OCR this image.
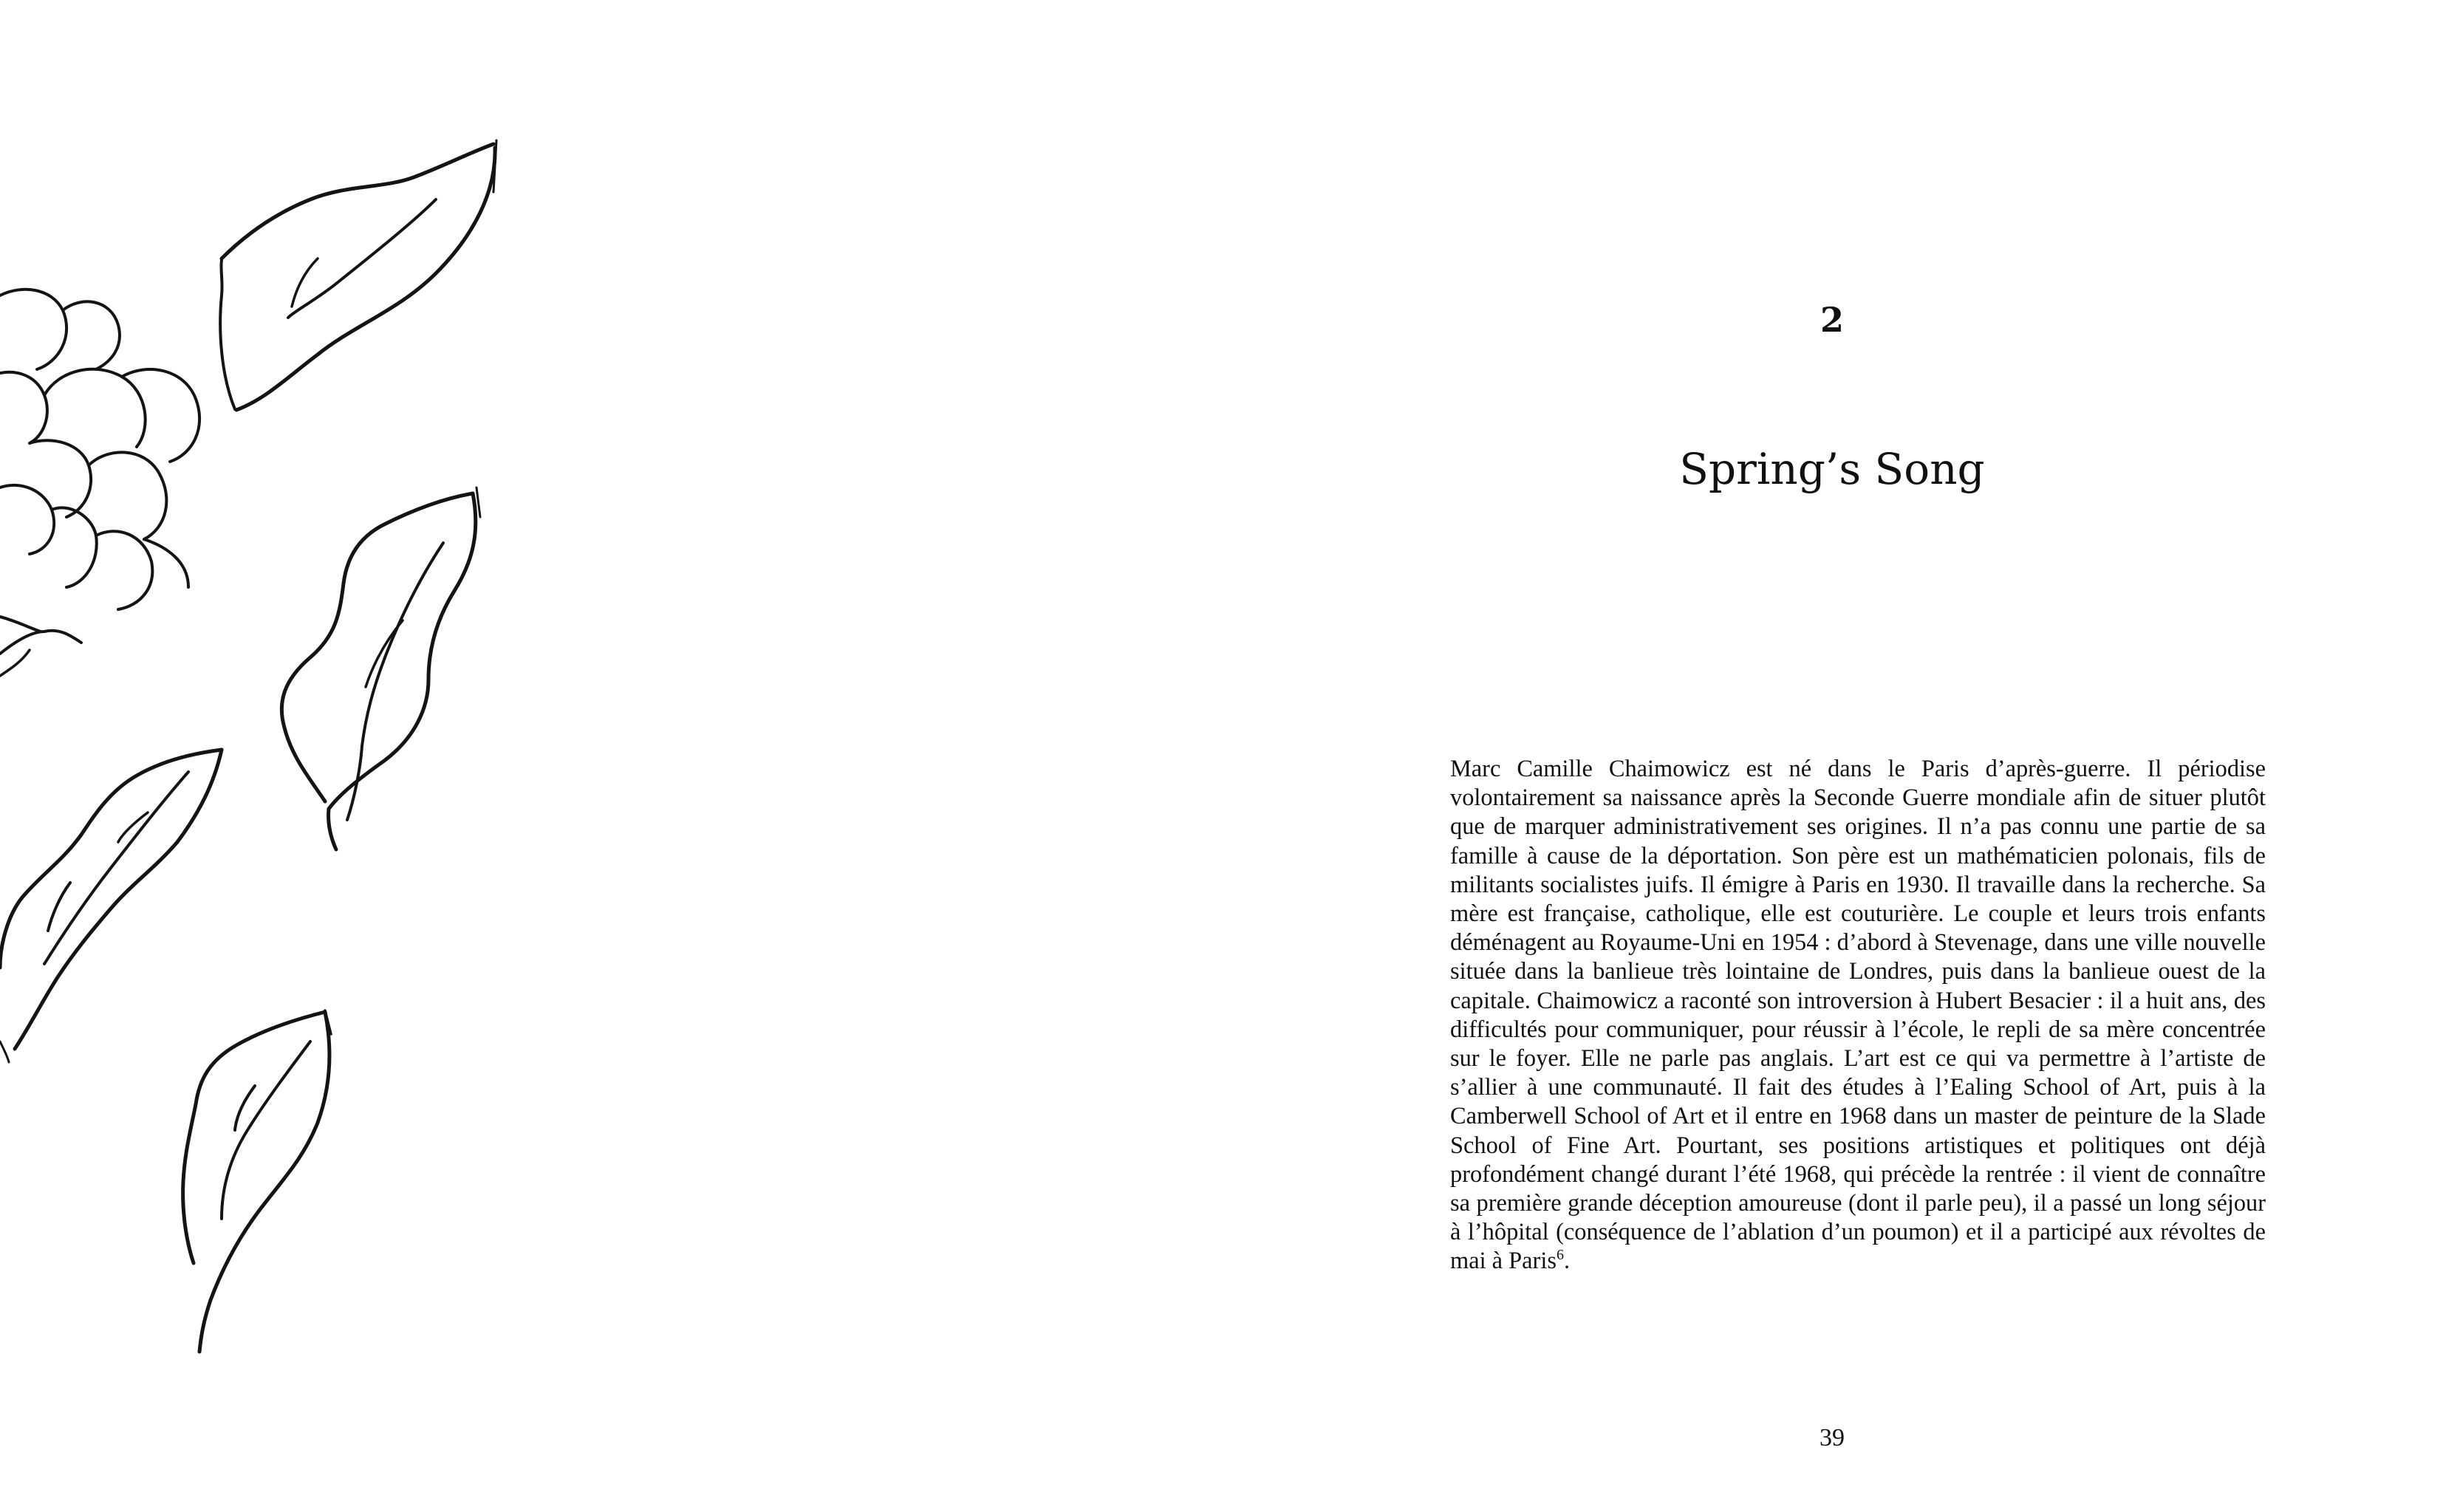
2
Spring’s Song

Marc Camille Chaimowicz est né dans le Paris d’après-guerre. Il périodise volontairement sa naissance après la Seconde Guerre mondiale afin de situer plutôt que de marquer administrativement ses origines. Il n’a pas connu une partie de sa famille à cause de la déportation. Son père est un mathématicien polonais, fils de militants socialistes juifs. Il émigre à Paris en 1930. Il travaille dans la recherche. Sa mère est française, catholique, elle est couturière. Le couple et leurs trois enfants déménagent au Royaume-Uni en 1954 : d’abord à Stevenage, dans une ville nouvelle située dans la banlieue très lointaine de Londres, puis dans la banlieue ouest de la capitale. Chaimowicz a raconté son introversion à Hubert Besacier : il a huit ans, des difficultés pour communiquer, pour réussir à l’école, le repli de sa mère concentrée sur le foyer. Elle ne parle pas anglais. L’art est ce qui va permettre à l’artiste de s’allier à une communauté. Il fait des études à l’Ealing School of Art, puis à la Camberwell School of Art et il entre en 1968 dans un master de peinture de la Slade School of Fine Art. Pourtant, ses positions artistiques et politiques ont déjà profondément changé durant l’été 1968, qui précède la rentrée : il vient de connaître sa première grande déception amoureuse (dont il parle peu), il a passé un long séjour à l’hôpital (conséquence de l’ablation d’un poumon) et il a participé aux révoltes de mai à Paris$^6$.

39
